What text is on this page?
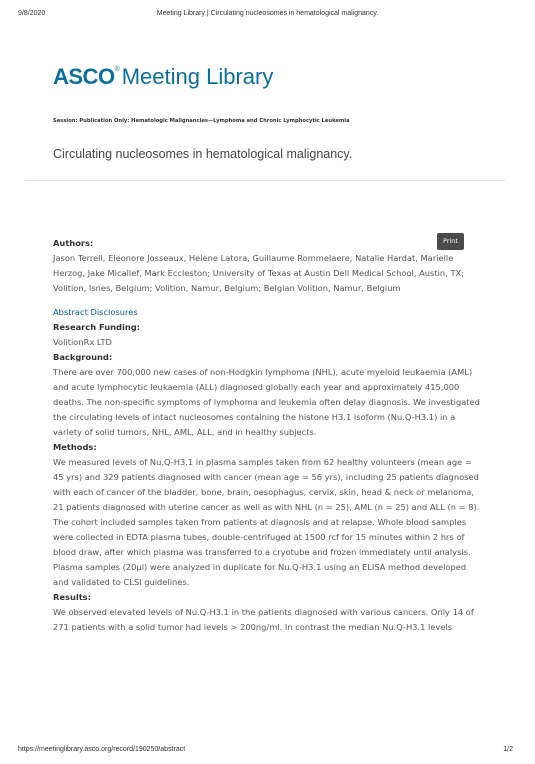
9/8/2020	Meeting Library | Circulating nucleosomes in hematological malignancy.
ASCO®Meeting Library
Session: Publication Only: Hematologic Malignancies—Lymphoma and Chronic Lymphocytic Leukemia
Circulating nucleosomes in hematological malignancy.
Print

Authors:

Jason Terrell, Eleonore Josseaux, Helene Latora, Guillaume Rommelaere, Natalie Hardat, Marielle Herzog, Jake Micallef, Mark Eccleston; University of Texas at Austin Dell Medical School, Austin, TX; Volition, Isnes, Belgium; Volition, Namur, Belgium; Belgian Volition, Namur, Belgium

Abstract Disclosures

Research Funding:

VolitionRx LTD

Background:

There are over 700,000 new cases of non-Hodgkin lymphoma (NHL), acute myeloid leukaemia (AML) and acute lymphocytic leukaemia (ALL) diagnosed globally each year and approximately 415,000 deaths. The non-specific symptoms of lymphoma and leukemia often delay diagnosis. We investigated the circulating levels of intact nucleosomes containing the histone H3.1 isoform (Nu.Q-H3.1) in a variety of solid tumors, NHL, AML, ALL, and in healthy subjects.

Methods:

We measured levels of Nu.Q-H3.1 in plasma samples taken from 62 healthy volunteers (mean age = 45 yrs) and 329 patients diagnosed with cancer (mean age = 56 yrs), including 25 patients diagnosed with each of cancer of the bladder, bone, brain, oesophagus, cervix, skin, head & neck or melanoma, 21 patients diagnosed with uterine cancer as well as with NHL (n = 25), AML (n = 25) and ALL (n = 8). The cohort included samples taken from patients at diagnosis and at relapse. Whole blood samples were collected in EDTA plasma tubes, double-centrifuged at 1500 rcf for 15 minutes within 2 hrs of blood draw, after which plasma was transferred to a cryotube and frozen immediately until analysis. Plasma samples (20µl) were analyzed in duplicate for Nu.Q-H3.1 using an ELISA method developed and validated to CLSI guidelines.

Results:

We observed elevated levels of Nu.Q-H3.1 in the patients diagnosed with various cancers. Only 14 of 271 patients with a solid tumor had levels > 200ng/ml. In contrast the median Nu.Q-H3.1 levels

https://meetinglibrary.asco.org/record/190250/abstract	1/2
